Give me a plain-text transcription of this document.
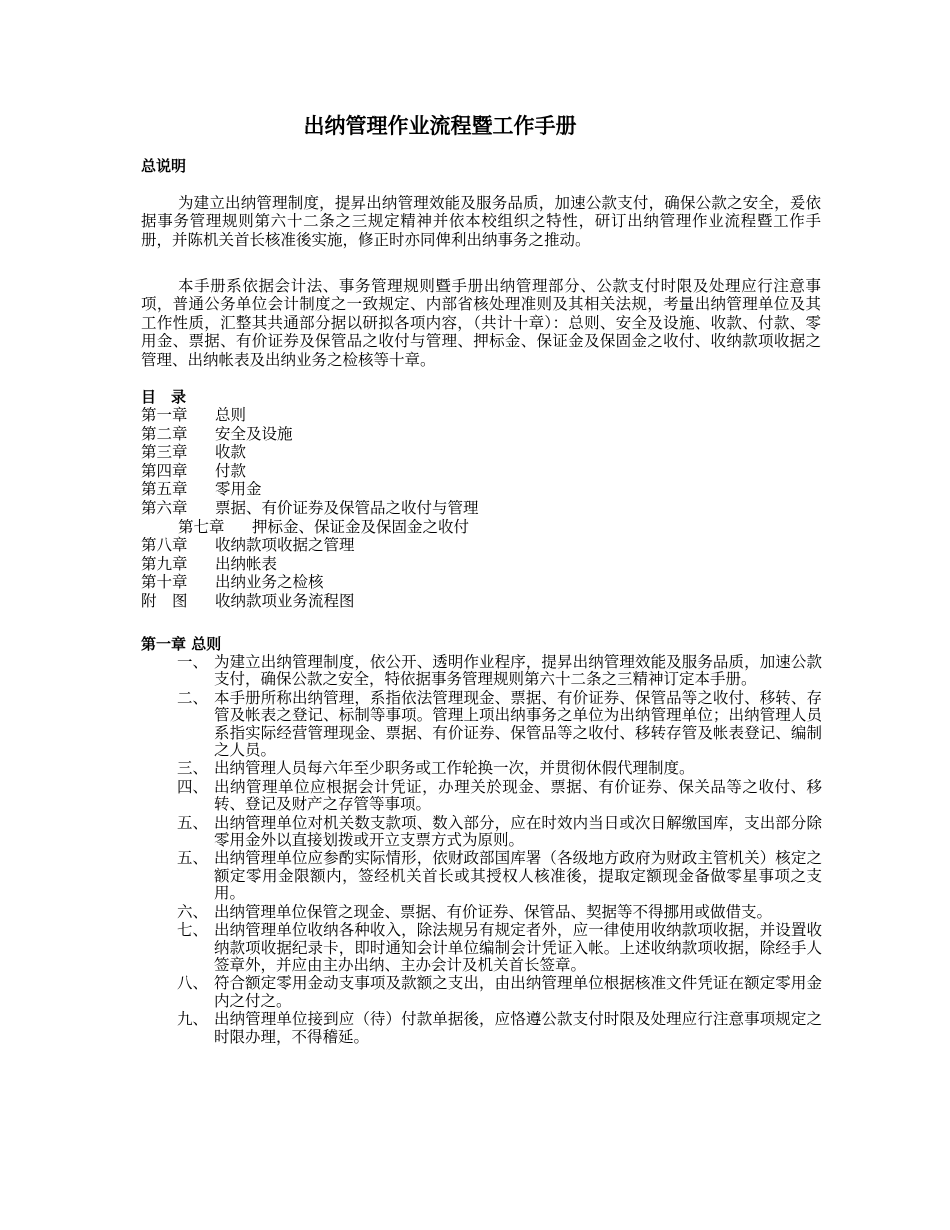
出纳管理作业流程暨工作手册
总说明
为建立出纳管理制度，提昇出纳管理效能及服务品质，加速公款支付，确保公款之安全，爰依据事务管理规则第六十二条之三规定精神并依本校组织之特性，研订出纳管理作业流程暨工作手册，并陈机关首长核准後实施，修正时亦同俾利出纳事务之推动。
本手册系依据会计法、事务管理规则暨手册出纳管理部分、公款支付时限及处理应行注意事项，普通公务单位会计制度之一致规定、内部省核处理准则及其相关法规，考量出纳管理单位及其工作性质，汇整其共通部分据以研拟各项内容，（共计十章）：总则、安全及设施、收款、付款、零用金、票据、有价证券及保管品之收付与管理、押标金、保证金及保固金之收付、收纳款项收据之管理、出纳帐表及出纳业务之检核等十章。
目　录
第一章 总则
第二章 安全及设施
第三章 收款
第四章 付款
第五章 零用金
第六章 票据、有价证券及保管品之收付与管理
第七章 押标金、保证金及保固金之收付
第八章 收纳款项收据之管理
第九章 出纳帐表
第十章 出纳业务之检核
附　图 收纳款项业务流程图
第一章 总则
一、 为建立出纳管理制度，依公开、透明作业程序，提昇出纳管理效能及服务品质，加速公款支付，确保公款之安全，特依据事务管理规则第六十二条之三精神订定本手册。
二、 本手册所称出纳管理，系指依法管理现金、票据、有价证券、保管品等之收付、移转、存管及帐表之登记、标制等事项。管理上项出纳事务之单位为出纳管理单位；出纳管理人员系指实际经营管理现金、票据、有价证券、保管品等之收付、移转存管及帐表登记、编制之人员。
三、 出纳管理人员每六年至少职务或工作轮换一次，并贯彻休假代理制度。
四、 出纳管理单位应根据会计凭证，办理关於现金、票据、有价证券、保关品等之收付、移转、登记及财产之存管等事项。
五、 出纳管理单位对机关数支款项、数入部分，应在时效内当日或次日解缴国库，支出部分除零用金外以直接划拨或开立支票方式为原则。
五、 出纳管理单位应参酌实际情形，依财政部国库署（各级地方政府为财政主管机关）核定之额定零用金限额内，签经机关首长或其授权人核准後，提取定额现金备做零星事项之支用。
六、 出纳管理单位保管之现金、票据、有价证券、保管品、契据等不得挪用或做借支。
七、 出纳管理单位收纳各种收入，除法规另有规定者外，应一律使用收纳款项收据，并设置收纳款项收据纪录卡，即时通知会计单位编制会计凭证入帐。上述收纳款项收据，除经手人签章外，并应由主办出纳、主办会计及机关首长签章。
八、 符合额定零用金动支事项及款额之支出，由出纳管理单位根据核准文件凭证在额定零用金内之付之。
九、 出纳管理单位接到应（待）付款单据後，应恪遵公款支付时限及处理应行注意事项规定之时限办理，不得稽延。
